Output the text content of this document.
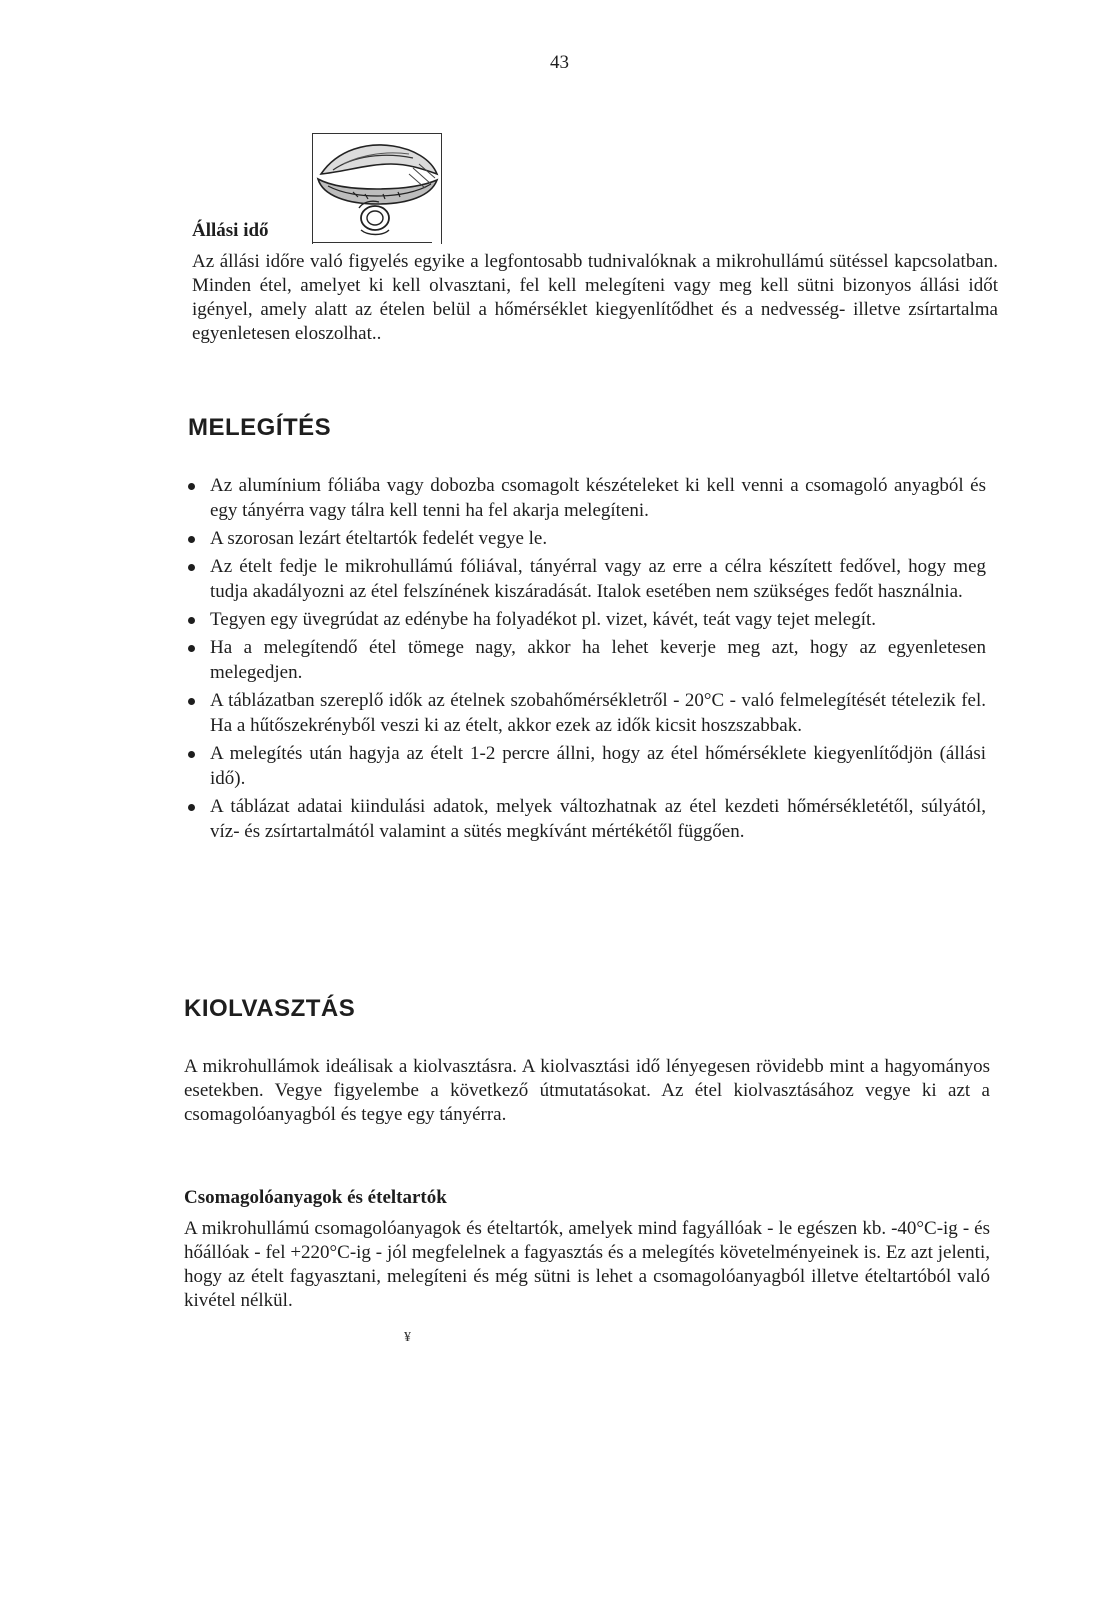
43
Állási idő

Az állási időre való figyelés egyike a legfontosabb tudnivalóknak a mikrohullámú sütéssel kapcsolatban. Minden étel, amelyet ki kell olvasztani, fel kell melegíteni vagy meg kell sütni bizonyos állási időt igényel, amely alatt az ételen belül a hőmérséklet kiegyenlítődhet és a nedvesség- illetve zsírtartalma egyenletesen eloszolhat..

MELEGÍTÉS
Az alumínium fóliába vagy dobozba csomagolt készételeket ki kell venni a csomagoló anyagból és egy tányérra vagy tálra kell tenni ha fel akarja melegíteni.
A szorosan lezárt ételtartók fedelét vegye le.
Az ételt fedje le mikrohullámú fóliával, tányérral vagy az erre a célra készített fedővel, hogy meg tudja akadályozni az étel felszínének kiszáradását. Italok esetében nem szükséges fedőt használnia.
Tegyen egy üvegrúdat az edénybe ha folyadékot pl. vizet, kávét, teát vagy tejet melegít.
Ha a melegítendő étel tömege nagy, akkor ha lehet keverje meg azt, hogy az egyenletesen melegedjen.
A táblázatban szereplő idők az ételnek szobahőmérsékletről - 20°C - való felmelegítését tételezik fel. Ha a hűtőszekrényből veszi ki az ételt, akkor ezek az idők kicsit hoszszabbak.
A melegítés után hagyja az ételt 1-2 percre állni, hogy az étel hőmérséklete kiegyenlítődjön (állási idő).
A táblázat adatai kiindulási adatok, melyek változhatnak az étel kezdeti hőmérsékletétől, súlyától, víz- és zsírtartalmától valamint a sütés megkívánt mértékétől függően.
KIOLVASZTÁS

A mikrohullámok ideálisak a kiolvasztásra. A kiolvasztási idő lényegesen rövidebb mint a hagyományos esetekben. Vegye figyelembe a következő útmutatásokat. Az étel kiolvasztásához vegye ki azt a csomagolóanyagból és tegye egy tányérra.

Csomagolóanyagok és ételtartók

A mikrohullámú csomagolóanyagok és ételtartók, amelyek mind fagyállóak - le egészen kb. -40°C-ig - és hőállóak - fel +220°C-ig - jól megfelelnek a fagyasztás és a melegítés követelményeinek is. Ez azt jelenti, hogy az ételt fagyasztani, melegíteni és még sütni is lehet a csomagolóanyagból illetve ételtartóból való kivétel nélkül.

¥
